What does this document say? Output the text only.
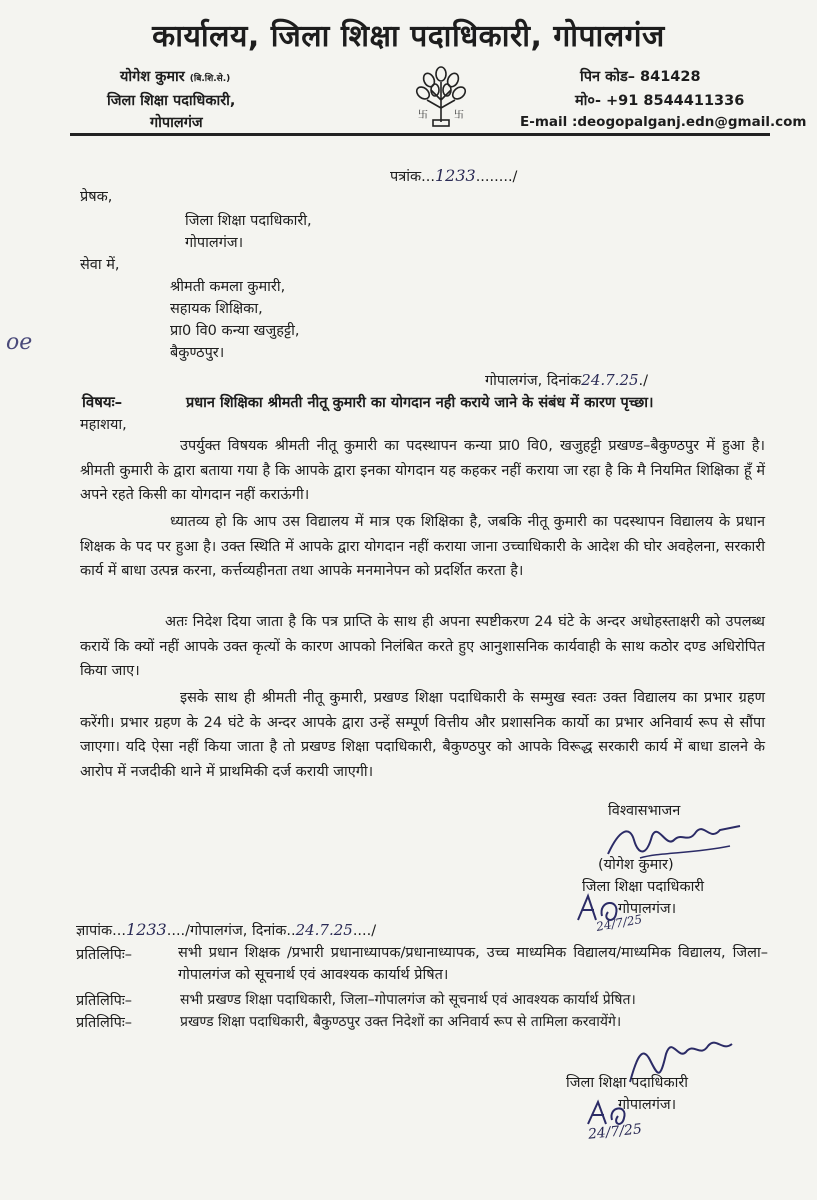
कार्यालय, जिला शिक्षा पदाधिकारी, गोपालगंज
योगेश कुमार (बि.शि.से.)
जिला शिक्षा पदाधिकारी,
गोपालगंज	卐	卐
पिन कोड– 841428
मो०- +91 8544411336
E-mail :deogopalganj.edn@gmail.com
पत्रांक...1233......../
प्रेषक,
जिला शिक्षा पदाधिकारी,
गोपालगंज।
सेवा में,
श्रीमती कमला कुमारी,
सहायक शिक्षिका,
प्रा0 वि0 कन्या खजुहट्टी,
बैकुण्ठपुर।
oe
गोपालगंज, दिनांक24.7.25./
विषयः–	प्रधान शिक्षिका श्रीमती नीतू कुमारी का योगदान नही कराये जाने के संबंध में कारण पृच्छा।
महाशया,
उपर्युक्त विषयक श्रीमती नीतू कुमारी का पदस्थापन कन्या प्रा0 वि0, खजुहट्टी प्रखण्ड–बैकुण्ठपुर में हुआ है। श्रीमती कुमारी के द्वारा बताया गया है कि आपके द्वारा इनका योगदान यह कहकर नहीं कराया जा रहा है कि मै नियमित शिक्षिका हूँ में अपने रहते किसी का योगदान नहीं कराऊंगी।
ध्यातव्य हो कि आप उस विद्यालय में मात्र एक शिक्षिका है, जबकि नीतू कुमारी का पदस्थापन विद्यालय के प्रधान शिक्षक के पद पर हुआ है। उक्त स्थिति में आपके द्वारा योगदान नहीं कराया जाना उच्चाधिकारी के आदेश की घोर अवहेलना, सरकारी कार्य में बाधा उत्पन्न करना, कर्त्तव्यहीनता तथा आपके मनमानेपन को प्रदर्शित करता है।
अतः निदेश दिया जाता है कि पत्र प्राप्ति के साथ ही अपना स्पष्टीकरण 24 घंटे के अन्दर अधोहस्ताक्षरी को उपलब्ध करायें कि क्यों नहीं आपके उक्त कृत्यों के कारण आपको निलंबित करते हुए आनुशासनिक कार्यवाही के साथ कठोर दण्ड अधिरोपित किया जाए।
इसके साथ ही श्रीमती नीतू कुमारी, प्रखण्ड शिक्षा पदाधिकारी के सम्मुख स्वतः उक्त विद्यालय का प्रभार ग्रहण करेंगी। प्रभार ग्रहण के 24 घंटे के अन्दर आपके द्वारा उन्हें सम्पूर्ण वित्तीय और प्रशासनिक कार्यो का प्रभार अनिवार्य रूप से सौंपा जाएगा। यदि ऐसा नहीं किया जाता है तो प्रखण्ड शिक्षा पदाधिकारी, बैकुण्ठपुर को आपके विरूद्ध सरकारी कार्य में बाधा डालने के आरोप में नजदीकी थाने में प्राथमिकी दर्ज करायी जाएगी।
विश्वासभाजन
(योगेश कुमार)
जिला शिक्षा पदाधिकारी
गोपालगंज।
24/7/25
ज्ञापांक...1233..../गोपालगंज, दिनांक..24.7.25..../
प्रतिलिपिः–	सभी प्रधान शिक्षक /प्रभारी प्रधानाध्यापक/प्रधानाध्यापक, उच्च माध्यमिक विद्यालय/माध्यमिक विद्यालय, जिला–गोपालगंज को सूचनार्थ एवं आवश्यक कार्यार्थ प्रेषित।
प्रतिलिपिः–	सभी प्रखण्ड शिक्षा पदाधिकारी, जिला–गोपालगंज को सूचनार्थ एवं आवश्यक कार्यार्थ प्रेषित।
प्रतिलिपिः–	प्रखण्ड शिक्षा पदाधिकारी, बैकुण्ठपुर उक्त निदेशों का अनिवार्य रूप से तामिला करवायेंगे।
जिला शिक्षा पदाधिकारी
गोपालगंज।
24/7/25
